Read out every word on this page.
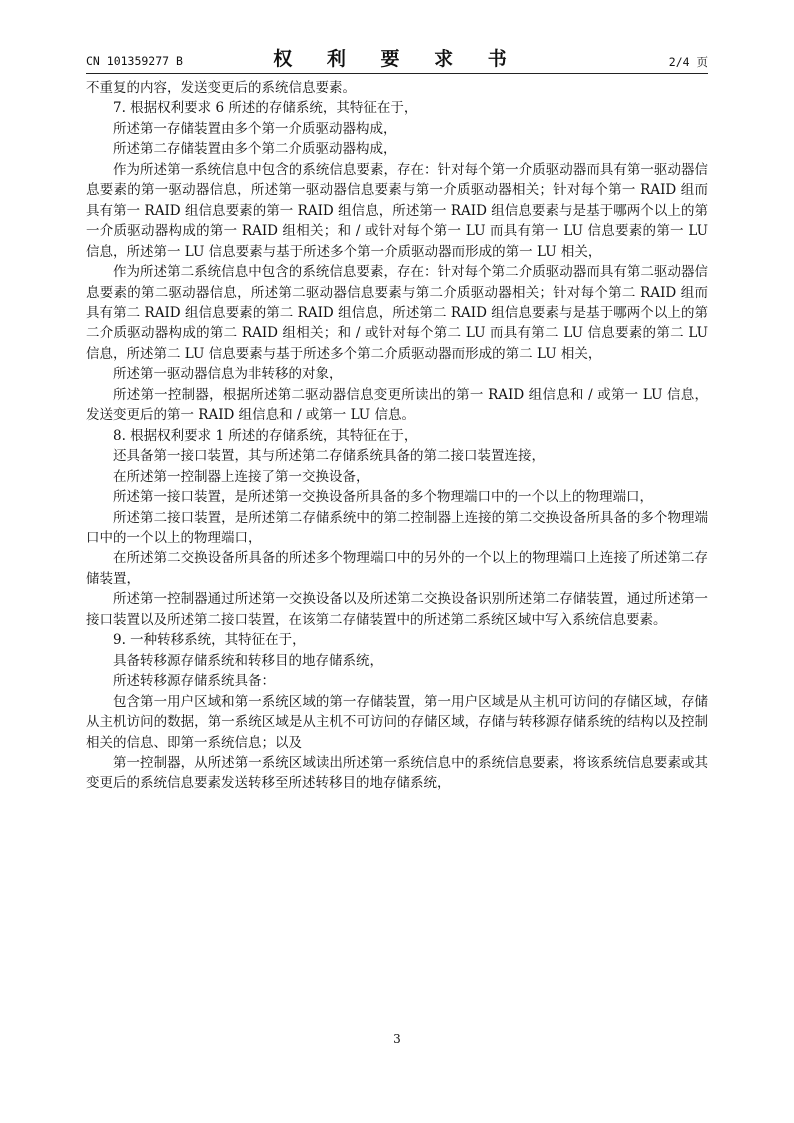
CN 101359277 B	权 利 要 求 书	2/4 页

不重复的内容，发送变更后的系统信息要素。

7. 根据权利要求 6 所述的存储系统，其特征在于，

所述第一存储装置由多个第一介质驱动器构成，

所述第二存储装置由多个第二介质驱动器构成，

作为所述第一系统信息中包含的系统信息要素，存在：针对每个第一介质驱动器而具有第一驱动器信息要素的第一驱动器信息，所述第一驱动器信息要素与第一介质驱动器相关；针对每个第一 RAID 组而具有第一 RAID 组信息要素的第一 RAID 组信息，所述第一 RAID 组信息要素与是基于哪两个以上的第一介质驱动器构成的第一 RAID 组相关；和 / 或针对每个第一 LU 而具有第一 LU 信息要素的第一 LU 信息，所述第一 LU 信息要素与基于所述多个第一介质驱动器而形成的第一 LU 相关，

作为所述第二系统信息中包含的系统信息要素，存在：针对每个第二介质驱动器而具有第二驱动器信息要素的第二驱动器信息，所述第二驱动器信息要素与第二介质驱动器相关；针对每个第二 RAID 组而具有第二 RAID 组信息要素的第二 RAID 组信息，所述第二 RAID 组信息要素与是基于哪两个以上的第二介质驱动器构成的第二 RAID 组相关；和 / 或针对每个第二 LU 而具有第二 LU 信息要素的第二 LU 信息，所述第二 LU 信息要素与基于所述多个第二介质驱动器而形成的第二 LU 相关，

所述第一驱动器信息为非转移的对象，

所述第一控制器，根据所述第二驱动器信息变更所读出的第一 RAID 组信息和 / 或第一 LU 信息，发送变更后的第一 RAID 组信息和 / 或第一 LU 信息。

8. 根据权利要求 1 所述的存储系统，其特征在于，

还具备第一接口装置，其与所述第二存储系统具备的第二接口装置连接，

在所述第一控制器上连接了第一交换设备，

所述第一接口装置，是所述第一交换设备所具备的多个物理端口中的一个以上的物理端口，

所述第二接口装置，是所述第二存储系统中的第二控制器上连接的第二交换设备所具备的多个物理端口中的一个以上的物理端口，

在所述第二交换设备所具备的所述多个物理端口中的另外的一个以上的物理端口上连接了所述第二存储装置，

所述第一控制器通过所述第一交换设备以及所述第二交换设备识别所述第二存储装置，通过所述第一接口装置以及所述第二接口装置，在该第二存储装置中的所述第二系统区域中写入系统信息要素。

9. 一种转移系统，其特征在于，

具备转移源存储系统和转移目的地存储系统，

所述转移源存储系统具备：

包含第一用户区域和第一系统区域的第一存储装置，第一用户区域是从主机可访问的存储区域，存储从主机访问的数据，第一系统区域是从主机不可访问的存储区域，存储与转移源存储系统的结构以及控制相关的信息、即第一系统信息；以及

第一控制器，从所述第一系统区域读出所述第一系统信息中的系统信息要素，将该系统信息要素或其变更后的系统信息要素发送转移至所述转移目的地存储系统，

3
